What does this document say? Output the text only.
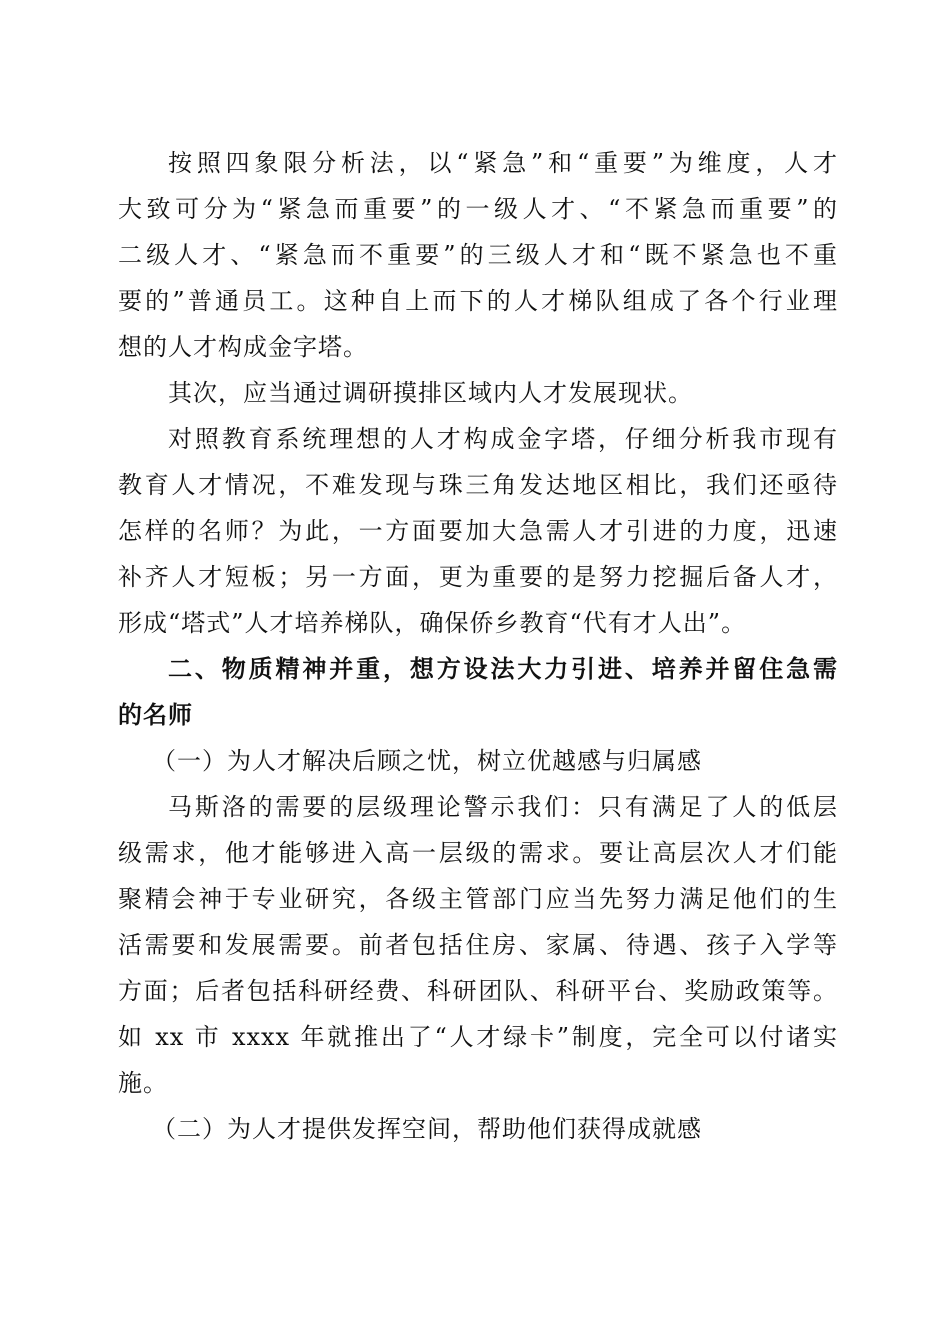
按照四象限分析法，以“紧急”和“重要”为维度，人才
大致可分为“紧急而重要”的一级人才、“不紧急而重要”的
二级人才、“紧急而不重要”的三级人才和“既不紧急也不重
要的”普通员工。这种自上而下的人才梯队组成了各个行业理
想的人才构成金字塔。
其次，应当通过调研摸排区域内人才发展现状。
对照教育系统理想的人才构成金字塔，仔细分析我市现有
教育人才情况，不难发现与珠三角发达地区相比，我们还亟待
怎样的名师？为此，一方面要加大急需人才引进的力度，迅速
补齐人才短板；另一方面，更为重要的是努力挖掘后备人才，
形成“塔式”人才培养梯队，确保侨乡教育“代有才人出”。
二、物质精神并重，想方设法大力引进、培养并留住急需
的名师
（一）为人才解决后顾之忧，树立优越感与归属感
马斯洛的需要的层级理论警示我们：只有满足了人的低层
级需求，他才能够进入高一层级的需求。要让高层次人才们能
聚精会神于专业研究，各级主管部门应当先努力满足他们的生
活需要和发展需要。前者包括住房、家属、待遇、孩子入学等
方面；后者包括科研经费、科研团队、科研平台、奖励政策等。
如 xx 市 xxxx 年就推出了“人才绿卡”制度，完全可以付诸实
施。
（二）为人才提供发挥空间，帮助他们获得成就感
